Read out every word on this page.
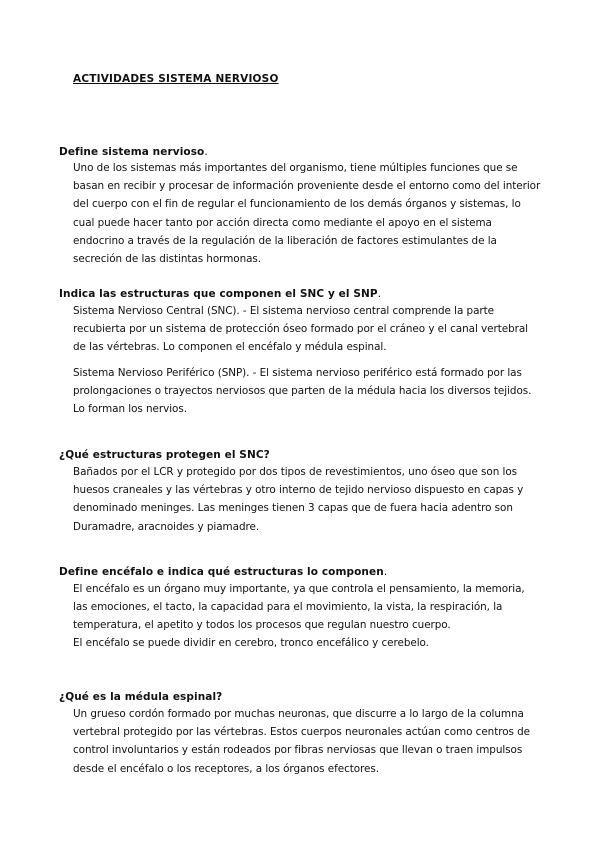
ACTIVIDADES SISTEMA NERVIOSO
Define sistema nervioso.

Uno de los sistemas más importantes del organismo, tiene múltiples funciones que se basan en recibir y procesar de información proveniente desde el entorno como del interior del cuerpo con el fin de regular el funcionamiento de los demás órganos y sistemas, lo cual puede hacer tanto por acción directa como mediante el apoyo en el sistema endocrino a través de la regulación de la liberación de factores estimulantes de la secreción de las distintas hormonas.

Indica las estructuras que componen el SNC y el SNP.

Sistema Nervioso Central (SNC). - El sistema nervioso central comprende la parte recubierta por un sistema de protección óseo formado por el cráneo y el canal vertebral de las vértebras. Lo componen el encéfalo y médula espinal.

Sistema Nervioso Periférico (SNP). - El sistema nervioso periférico está formado por las prolongaciones o trayectos nerviosos que parten de la médula hacia los diversos tejidos. Lo forman los nervios.

¿Qué estructuras protegen el SNC?

Bañados por el LCR y protegido por dos tipos de revestimientos, uno óseo que son los huesos craneales y las vértebras y otro interno de tejido nervioso dispuesto en capas y denominado meninges. Las meninges tienen 3 capas que de fuera hacia adentro son Duramadre, aracnoides y piamadre.

Define encéfalo e indica qué estructuras lo componen.

El encéfalo es un órgano muy importante, ya que controla el pensamiento, la memoria, las emociones, el tacto, la capacidad para el movimiento, la vista, la respiración, la temperatura, el apetito y todos los procesos que regulan nuestro cuerpo.

El encéfalo se puede dividir en cerebro, tronco encefálico y cerebelo.

¿Qué es la médula espinal?

Un grueso cordón formado por muchas neuronas, que discurre a lo largo de la columna vertebral protegido por las vértebras. Estos cuerpos neuronales actúan como centros de control involuntarios y están rodeados por fibras nerviosas que llevan o traen impulsos desde el encéfalo o los receptores, a los órganos efectores.
